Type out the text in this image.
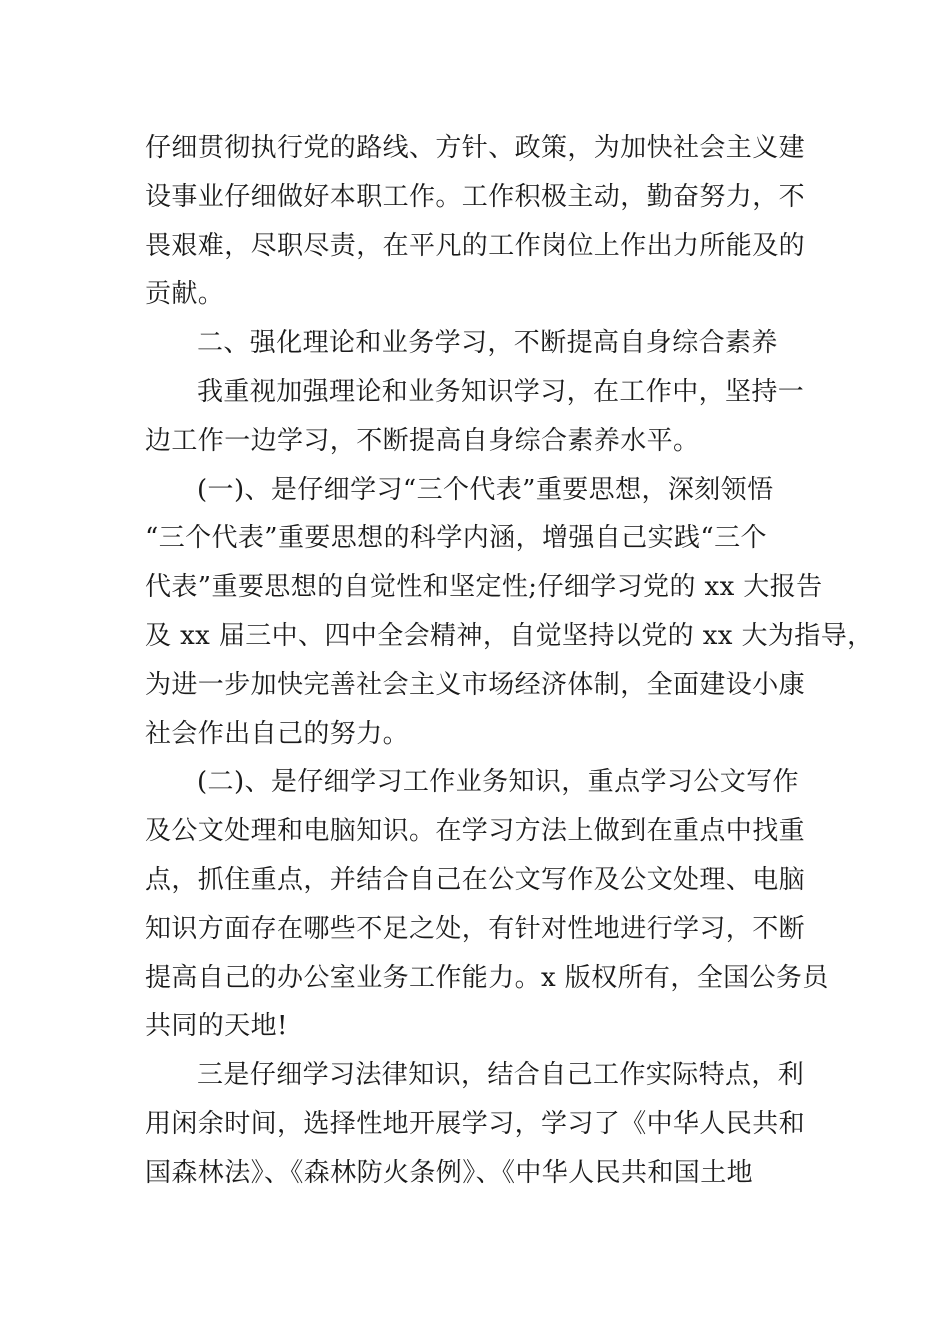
仔细贯彻执行党的路线、方针、政策，为加快社会主义建
设事业仔细做好本职工作。工作积极主动，勤奋努力，不
畏艰难，尽职尽责，在平凡的工作岗位上作出力所能及的
贡献。
二、强化理论和业务学习，不断提高自身综合素养
我重视加强理论和业务知识学习，在工作中，坚持一
边工作一边学习，不断提高自身综合素养水平。
(一)、是仔细学习“三个代表”重要思想，深刻领悟
“三个代表”重要思想的科学内涵，增强自己实践“三个
代表”重要思想的自觉性和坚定性;仔细学习党的 xx 大报告
及 xx 届三中、四中全会精神，自觉坚持以党的 xx 大为指导，
为进一步加快完善社会主义市场经济体制，全面建设小康
社会作出自己的努力。
(二)、是仔细学习工作业务知识，重点学习公文写作
及公文处理和电脑知识。在学习方法上做到在重点中找重
点，抓住重点，并结合自己在公文写作及公文处理、电脑
知识方面存在哪些不足之处，有针对性地进行学习，不断
提高自己的办公室业务工作能力。x 版权所有，全国公务员
共同的天地!
三是仔细学习法律知识，结合自己工作实际特点，利
用闲余时间，选择性地开展学习，学习了《中华人民共和
国森林法》、《森林防火条例》、《中华人民共和国土地
